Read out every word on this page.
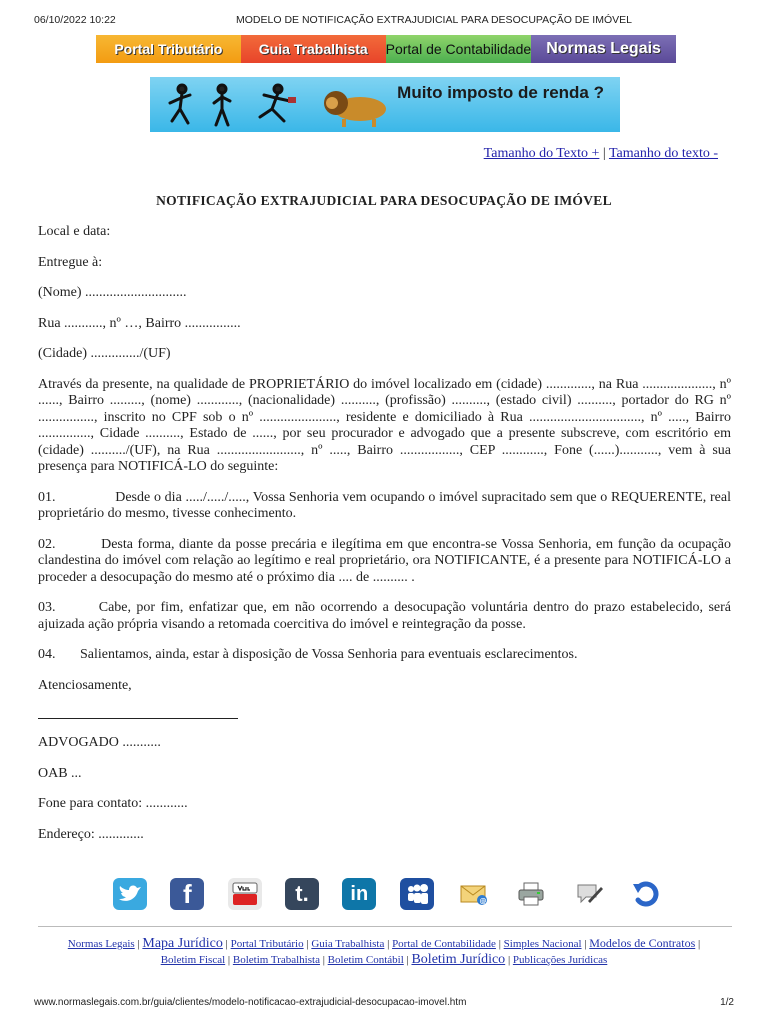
06/10/2022 10:22	MODELO DE NOTIFICAÇÃO EXTRAJUDICIAL PARA DESOCUPAÇÃO DE IMÓVEL
Portal Tributário	Guia Trabalhista	Portal de Contabilidade Normas Legais
Muito imposto de renda ?
Tamanho do Texto + | Tamanho do texto -
NOTIFICAÇÃO EXTRAJUDICIAL PARA DESOCUPAÇÃO DE IMÓVEL

Local e data:

Entregue à:

(Nome) .............................

Rua ..........., nº …, Bairro ................

(Cidade) ............../(UF)

Através da presente, na qualidade de PROPRIETÁRIO do imóvel localizado em (cidade) ............., na Rua ...................., nº ......, Bairro ........., (nome) ............, (nacionalidade) .........., (profissão) .........., (estado civil) .........., portador do RG nº ................, inscrito no CPF sob o nº ......................, residente e domiciliado à Rua ................................, nº ....., Bairro ..............., Cidade .........., Estado de ......, por seu procurador e advogado que a presente subscreve, com escritório em (cidade) ........../(UF), na Rua ........................, nº ....., Bairro ................., CEP ............, Fone (......)..........., vem à sua presença para NOTIFICÁ-LO do seguinte:

01.                Desde o dia ...../...../....., Vossa Senhoria vem ocupando o imóvel supracitado sem que o REQUERENTE, real proprietário do mesmo, tivesse conhecimento.

02.          Desta forma, diante da posse precária e ilegítima em que encontra-se Vossa Senhoria, em função da ocupação clandestina do imóvel com relação ao legítimo e real proprietário, ora NOTIFICANTE, é a presente para NOTIFICÁ-LO a proceder a desocupação do mesmo até o próximo dia .... de .......... .

03.        Cabe, por fim, enfatizar que, em não ocorrendo a desocupação voluntária dentro do prazo estabelecido, será ajuizada ação própria visando a retomada coercitiva do imóvel e reintegração da posse.

04.       Salientamos, ainda, estar à disposição de Vossa Senhoria para eventuais esclarecimentos.

Atenciosamente,

ADVOGADO ...........

OAB ...

Fone para contato: ............

Endereço: .............

f	t.	in	@
Normas Legais | Mapa Jurídico | Portal Tributário | Guia Trabalhista | Portal de Contabilidade | Simples Nacional | Modelos de Contratos |
Boletim Fiscal | Boletim Trabalhista | Boletim Contábil | Boletim Jurídico | Publicações Jurídicas
www.normaslegais.com.br/guia/clientes/modelo-notificacao-extrajudicial-desocupacao-imovel.htm	1/2
